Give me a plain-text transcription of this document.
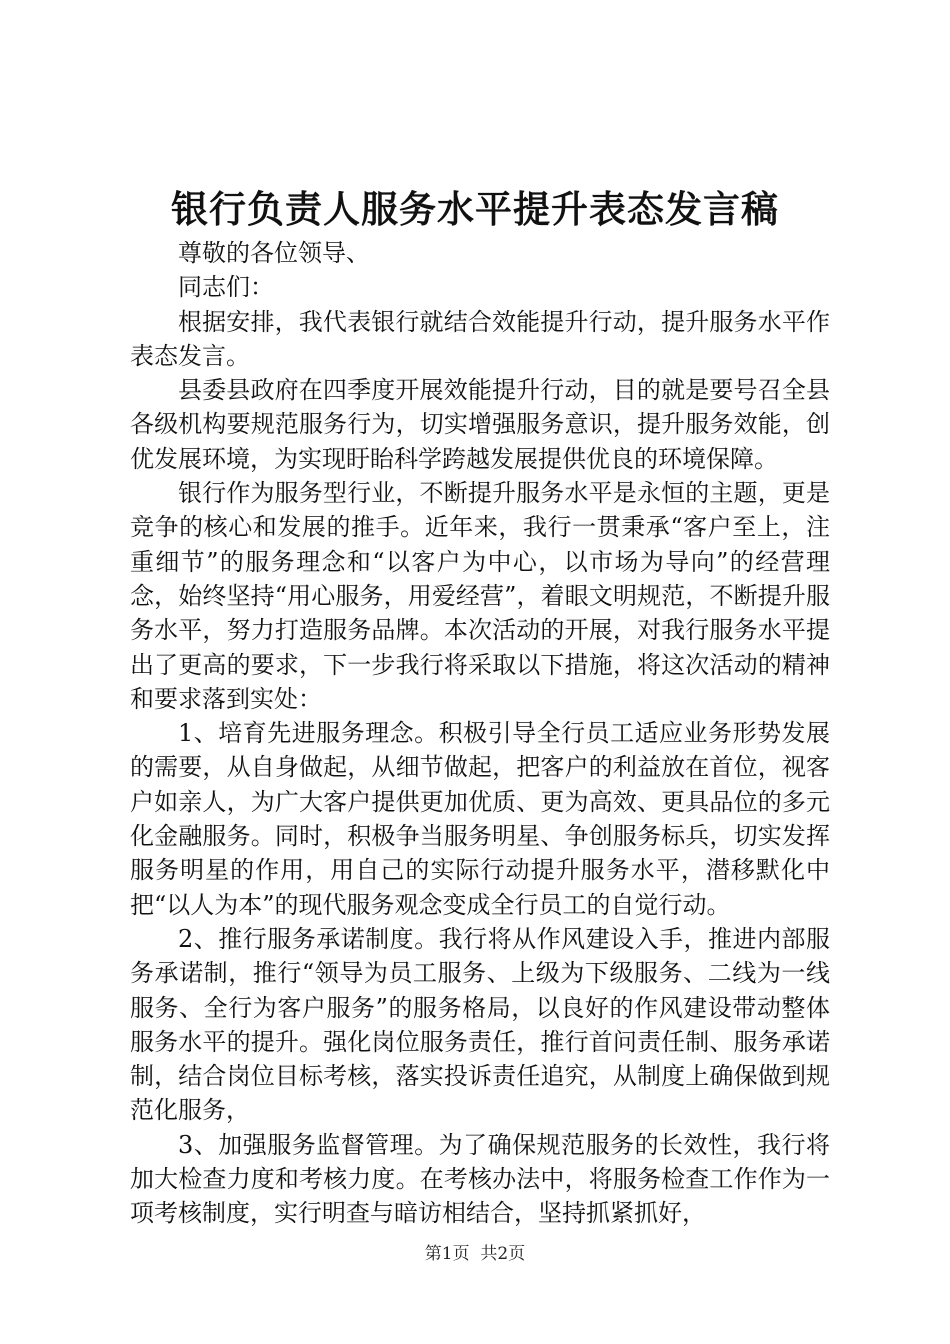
银行负责人服务水平提升表态发言稿

尊敬的各位领导、

同志们：

根据安排，我代表银行就结合效能提升行动，提升服务水平作表态发言。

县委县政府在四季度开展效能提升行动，目的就是要号召全县各级机构要规范服务行为，切实增强服务意识，提升服务效能，创优发展环境，为实现盱眙科学跨越发展提供优良的环境保障。

银行作为服务型行业，不断提升服务水平是永恒的主题，更是竞争的核心和发展的推手。近年来，我行一贯秉承“客户至上，注重细节”的服务理念和“以客户为中心，以市场为导向”的经营理念，始终坚持“用心服务，用爱经营”，着眼文明规范，不断提升服务水平，努力打造服务品牌。本次活动的开展，对我行服务水平提出了更高的要求，下一步我行将采取以下措施，将这次活动的精神和要求落到实处：

1、培育先进服务理念。积极引导全行员工适应业务形势发展的需要，从自身做起，从细节做起，把客户的利益放在首位，视客户如亲人，为广大客户提供更加优质、更为高效、更具品位的多元化金融服务。同时，积极争当服务明星、争创服务标兵，切实发挥服务明星的作用，用自己的实际行动提升服务水平，潜移默化中把“以人为本”的现代服务观念变成全行员工的自觉行动。

2、推行服务承诺制度。我行将从作风建设入手，推进内部服务承诺制，推行“领导为员工服务、上级为下级服务、二线为一线服务、全行为客户服务”的服务格局，以良好的作风建设带动整体服务水平的提升。强化岗位服务责任，推行首问责任制、服务承诺制，结合岗位目标考核，落实投诉责任追究，从制度上确保做到规范化服务，

3、加强服务监督管理。为了确保规范服务的长效性，我行将加大检查力度和考核力度。在考核办法中，将服务检查工作作为一项考核制度，实行明查与暗访相结合，坚持抓紧抓好，

第1页 共2页
